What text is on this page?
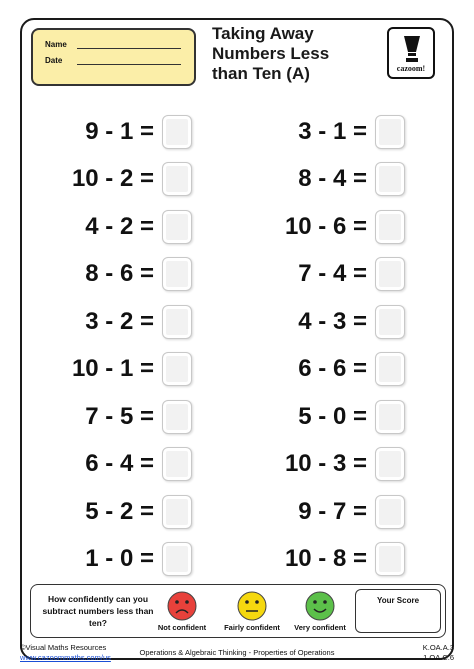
Name
Date
Taking Away
Numbers Less
than Ten (A)	cazoom!
9 - 1 =
10 - 2 =
4 - 2 =
8 - 6 =
3 - 2 =
10 - 1 =
7 - 5 =
6 - 4 =
5 - 2 =
1 - 0 =
3 - 1 =
8 - 4 =
10 - 6 =
7 - 4 =
4 - 3 =
6 - 6 =
5 - 0 =
10 - 3 =
9 - 7 =
10 - 8 =
How confidently can you subtract numbers less than ten?	Not confident	Fairly confident	Very confident
Your Score
©Visual Maths Resources
www.cazoommaths.com/us
Operations & Algebraic Thinking - Properties of Operations
K.OA.A.3
1.OA.C.6
